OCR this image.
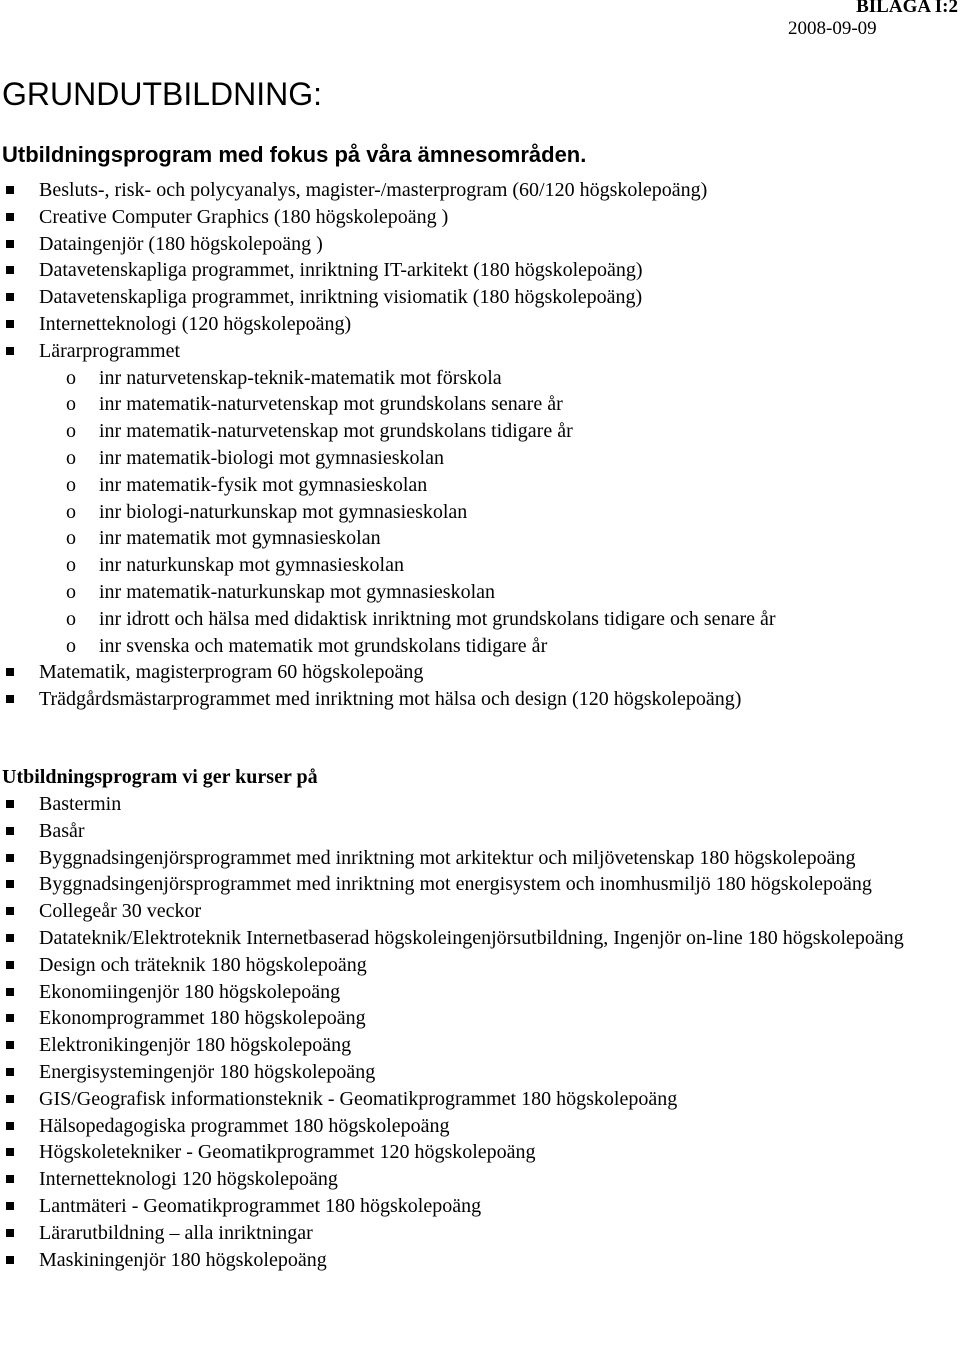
BILAGA I:2
2008-09-09
GRUNDUTBILDNING:
Utbildningsprogram med fokus på våra ämnesområden.
Besluts-, risk- och polycyanalys, magister-/masterprogram (60/120 högskolepoäng)
Creative Computer Graphics (180 högskolepoäng )
Dataingenjör (180 högskolepoäng )
Datavetenskapliga programmet, inriktning IT-arkitekt (180 högskolepoäng)
Datavetenskapliga programmet, inriktning visiomatik (180 högskolepoäng)
Internetteknologi (120 högskolepoäng)
Lärarprogrammet
o inr naturvetenskap-teknik-matematik mot förskola
o inr matematik-naturvetenskap mot grundskolans senare år
o inr matematik-naturvetenskap mot grundskolans tidigare år
o inr matematik-biologi mot gymnasieskolan
o inr matematik-fysik mot gymnasieskolan
o inr biologi-naturkunskap mot gymnasieskolan
o inr matematik mot gymnasieskolan
o inr naturkunskap mot gymnasieskolan
o inr matematik-naturkunskap mot gymnasieskolan
o inr idrott och hälsa med didaktisk inriktning mot grundskolans tidigare och senare år
o inr svenska och matematik mot grundskolans tidigare år
Matematik, magisterprogram 60 högskolepoäng
Trädgårdsmästarprogrammet med inriktning mot hälsa och design (120 högskolepoäng)
Utbildningsprogram vi ger kurser på
Bastermin
Basår
Byggnadsingenjörsprogrammet med inriktning mot arkitektur och miljövetenskap 180 högskolepoäng
Byggnadsingenjörsprogrammet med inriktning mot energisystem och inomhusmiljö 180 högskolepoäng
Collegeår 30 veckor
Datateknik/Elektroteknik Internetbaserad högskoleingenjörsutbildning, Ingenjör on-line 180 högskolepoäng
Design och träteknik 180 högskolepoäng
Ekonomiingenjör 180 högskolepoäng
Ekonomprogrammet 180 högskolepoäng
Elektronikingenjör 180 högskolepoäng
Energisystemingenjör 180 högskolepoäng
GIS/Geografisk informationsteknik - Geomatikprogrammet 180 högskolepoäng
Hälsopedagogiska programmet 180 högskolepoäng
Högskoletekniker - Geomatikprogrammet 120 högskolepoäng
Internetteknologi 120 högskolepoäng
Lantmäteri - Geomatikprogrammet 180 högskolepoäng
Lärarutbildning – alla inriktningar
Maskiningenjör 180 högskolepoäng
